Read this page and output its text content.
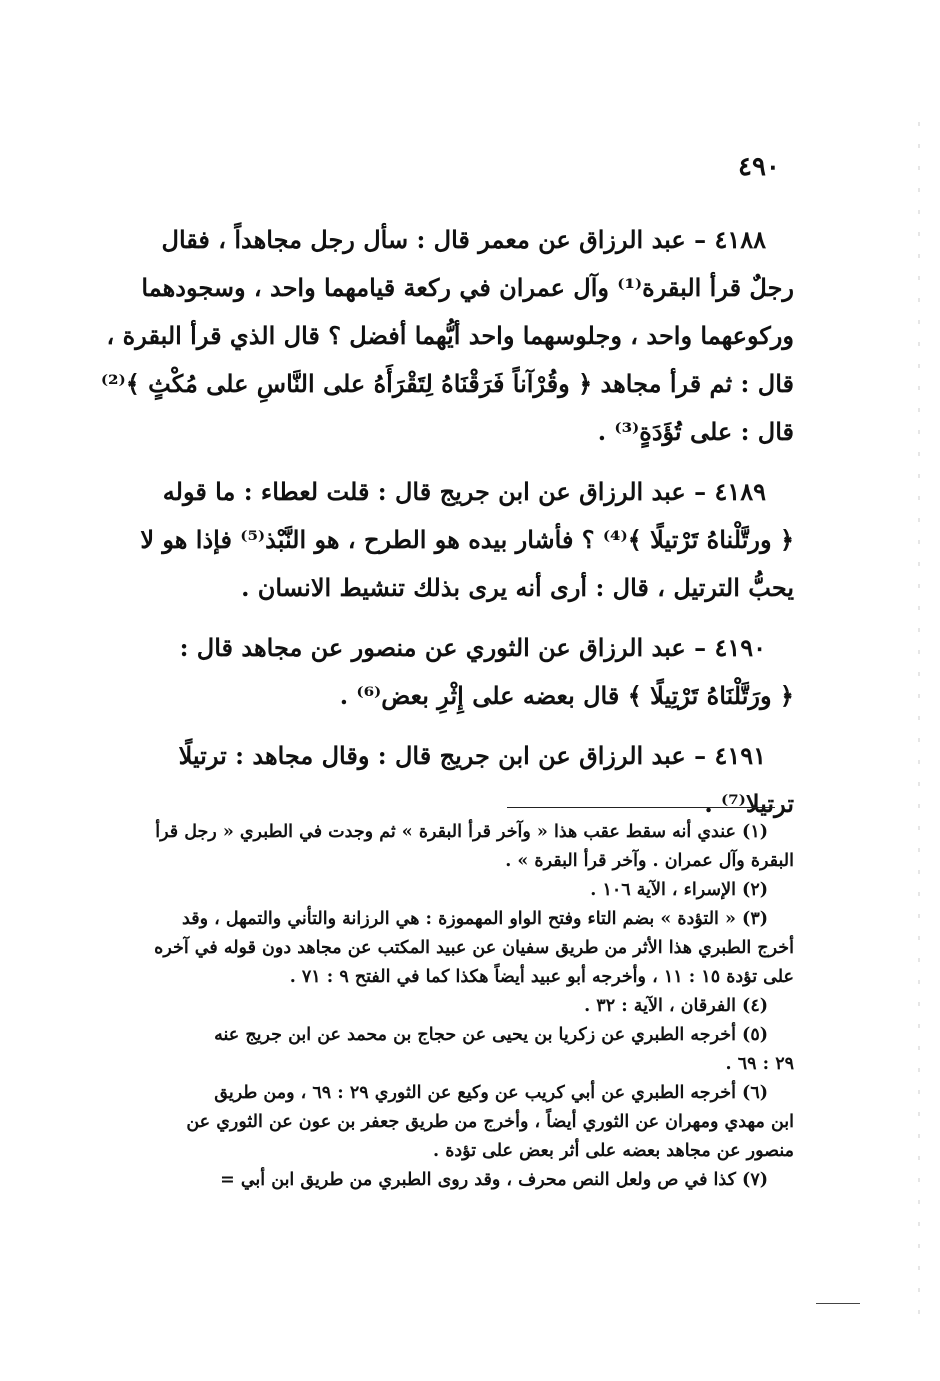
٤٩٠

٤١٨٨ – عبد الرزاق عن معمر قال : سأل رجل مجاهداً ، فقال
رجلٌ قرأ البقرة⁽¹⁾ وآل عمران في ركعة قيامهما واحد ، وسجودهما
وركوعهما واحد ، وجلوسهما واحد أيُّهما أفضل ؟ قال الذي قرأ البقرة ،
قال : ثم قرأ مجاهد ﴿ وقُرْآناً فَرَقْنَاهُ لِتَقْرَأَهُ على النَّاسِ على مُكْثٍ ﴾⁽²⁾
قال : على تُؤَدَةٍ⁽³⁾ .

٤١٨٩ – عبد الرزاق عن ابن جريج قال : قلت لعطاء : ما قوله
﴿ ورتَّلْناهُ تَرْتيلًا ﴾⁽⁴⁾ ؟ فأشار بيده هو الطرح ، هو النَّبْذ⁽⁵⁾ فإذا هو لا
يحبُّ الترتيل ، قال : أرى أنه يرى بذلك تنشيط الانسان .

٤١٩٠ – عبد الرزاق عن الثوري عن منصور عن مجاهد قال :
﴿ ورَتَّلْنَاهُ تَرْتِيلًا ﴾ قال بعضه على إِثْرِ بعض⁽⁶⁾ .

٤١٩١ – عبد الرزاق عن ابن جريج قال : وقال مجاهد : ترتيلًا
ترتيلا⁽⁷⁾ .

(١) عندي أنه سقط عقب هذا « وآخر قرأ البقرة » ثم وجدت في الطبري « رجل قرأ
البقرة وآل عمران . وآخر قرأ البقرة » .

(٢) الإسراء ، الآية ١٠٦ .

(٣) « التؤدة » بضم التاء وفتح الواو المهموزة : هي الرزانة والتأني والتمهل ، وقد
أخرج الطبري هذا الأثر من طريق سفيان عن عبيد المكتب عن مجاهد دون قوله في آخره
على تؤدة ١٥ : ١١ ، وأخرجه أبو عبيد أيضاً هكذا كما في الفتح ٩ : ٧١ .

(٤) الفرقان ، الآية : ٣٢ .

(٥) أخرجه الطبري عن زكريا بن يحيى عن حجاج بن محمد عن ابن جريج عنه
٢٩ : ٦٩ .

(٦) أخرجه الطبري عن أبي كريب عن وكيع عن الثوري ٢٩ : ٦٩ ، ومن طريق
ابن مهدي ومهران عن الثوري أيضاً ، وأخرج من طريق جعفر بن عون عن الثوري عن
منصور عن مجاهد بعضه على أثر بعض على تؤدة .

(٧) كذا في ص ولعل النص محرف ، وقد روى الطبري من طريق ابن أبي =
